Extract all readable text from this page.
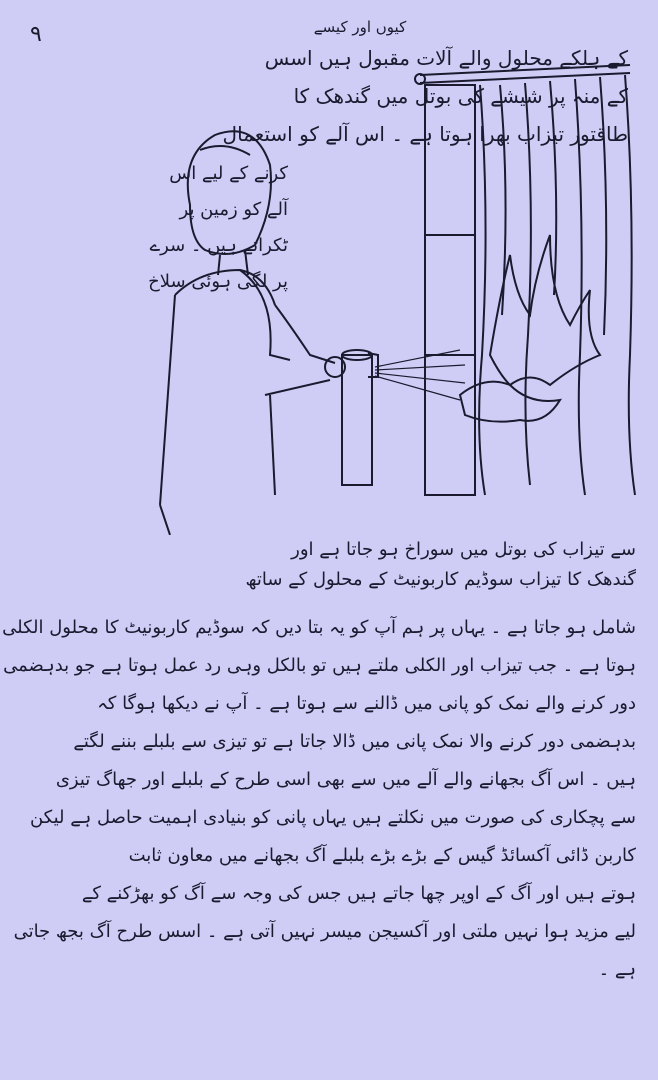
۹	کیوں اور کیسے
کے ہلکے محلول والے آلات مقبول ہیں اسس
کے منہ پر شیشے کی بوتل میں گندھک کا
طاقتور تیزاب بھرا ہوتا ہے ۔ اس آلے کو استعمال
کرنے کے لیے اس
آلے کو زمین پر
ٹکراتے ہیں ۔ سرے
پر لگی ہوئی سلاخ
سے تیزاب کی بوتل میں سوراخ ہو جاتا ہے اور
گندھک کا تیزاب سوڈیم کاربونیٹ کے محلول کے ساتھ
شامل ہو جاتا ہے ۔ یہاں پر ہم آپ کو یہ بتا دیں کہ سوڈیم کاربونیٹ کا محلول الکلی
ہوتا ہے ۔ جب تیزاب اور الکلی ملتے ہیں تو بالکل وہی رد عمل ہوتا ہے جو بدہضمی
دور کرنے والے نمک کو پانی میں ڈالنے سے ہوتا ہے ۔ آپ نے دیکھا ہوگا کہ
بدہضمی دور کرنے والا نمک پانی میں ڈالا جاتا ہے تو تیزی سے بلبلے بننے لگتے
ہیں ۔ اس آگ بجھانے والے آلے میں سے بھی اسی طرح کے بلبلے اور جھاگ تیزی
سے پچکاری کی صورت میں نکلتے ہیں یہاں پانی کو بنیادی اہمیت حاصل ہے لیکن
کاربن ڈائی آکسائڈ گیس کے بڑے بڑے بلبلے آگ بجھانے میں معاون ثابت
ہوتے ہیں اور آگ کے اوپر چھا جاتے ہیں جس کی وجہ سے آگ کو بھڑکنے کے
لیے مزید ہوا نہیں ملتی اور آکسیجن میسر نہیں آتی ہے ۔ اسس طرح آگ بجھ جاتی
ہے ۔
